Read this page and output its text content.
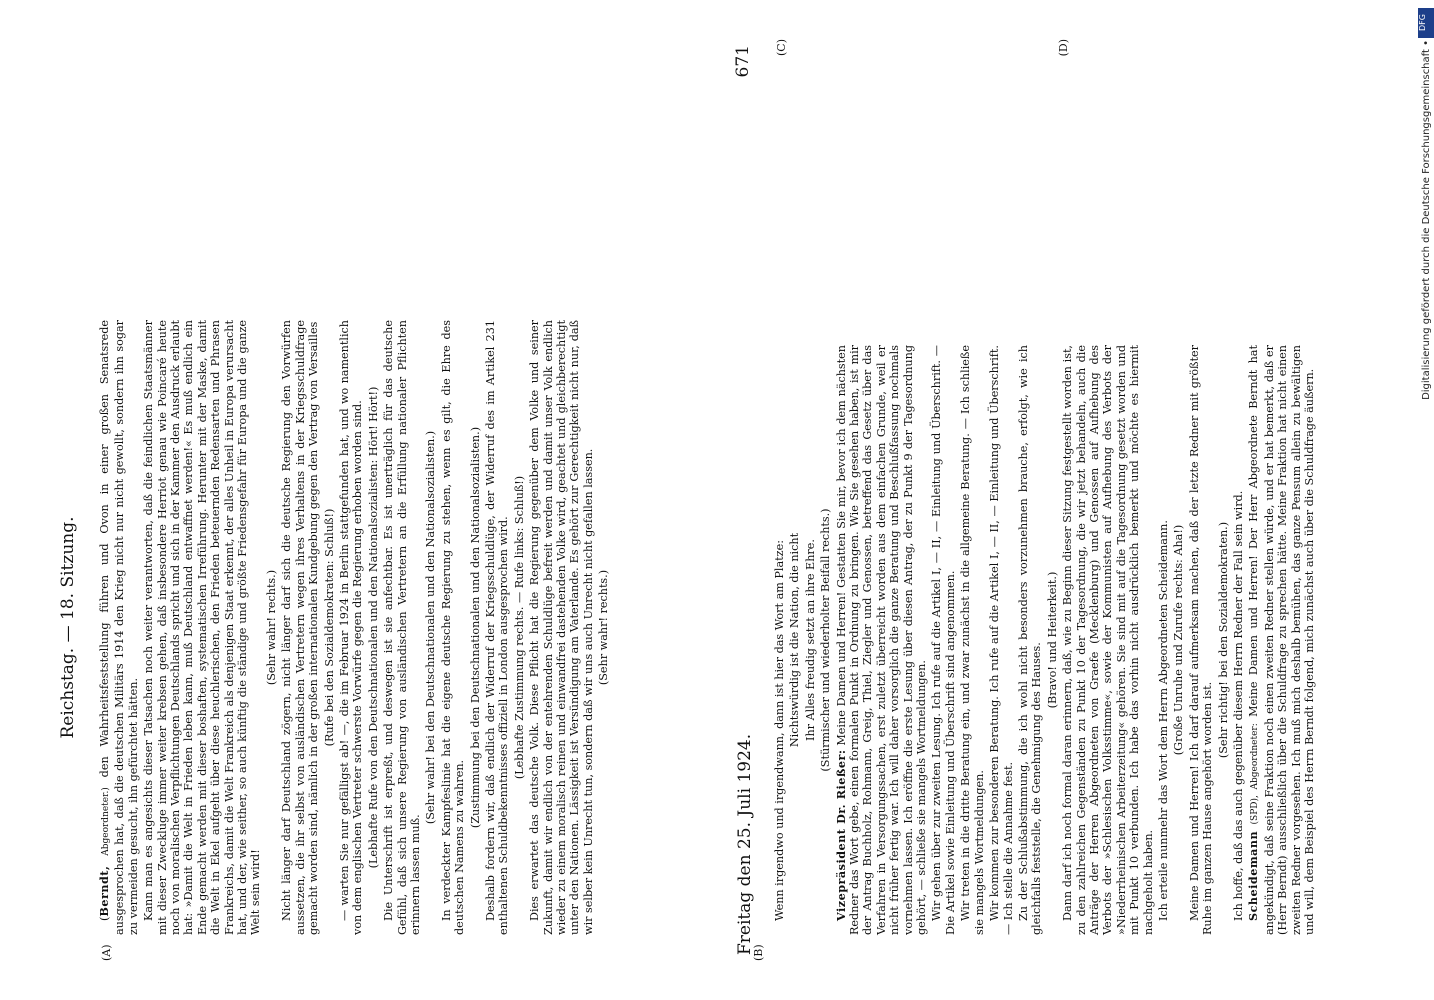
Reichstag. — 18. Sitzung.
(A)	(B)

(Berndt, Abgeordneter.) den Wahrheitsfeststellung führen und Ovon in einer großen Senatsrede ausgesprochen hat, daß die deutschen Militärs 1914 den Krieg nicht nur nicht gewollt, sondern ihn sogar zu vermeiden gesucht, ihn gefürchtet hätten. Kann man es angesichts dieser Tatsachen noch weiter verantworten, daß die feindlichen Staatsmänner mit dieser Zweckluge immer weiter krebsen gehen, daß insbesondere Herriot genau wie Poincaré heute noch von moralischen Verpflichtungen Deutschlands spricht und sich in der Kammer den Ausdruck erlaubt hat: »Damit die Welt in Frieden leben kann, muß Deutschland entwaffnet werden!« Es muß endlich ein Ende gemacht werden mit dieser boshaften, systematischen Irreführung. Herunter mit der Maske, damit die Welt in Ekel aufgeht über diese heuchlerischen, den Frieden beteuernden Redensarten und Phrasen Frankreichs, damit die Welt Frankreich als denjenigen Staat erkennt, der alles Unheil in Europa verursacht hat, und der, wie seither, so auch künftig die ständige und größte Friedensgefahr für Europa und die ganze Welt sein wird!

(Sehr wahr! rechts.) Nicht länger darf Deutschland zögern, nicht länger darf sich die deutsche Regierung den Vorwürfen aussetzen, die ihr selbst von ausländischen Vertretern wegen ihres Verhaltens in der Kriegsschuldfrage gemacht worden sind, nämlich in der großen internationalen Kundgebung gegen den Vertrag von Versailles (Rufe bei den Sozialdemokraten: Schluß!) — warten Sie nur gefälligst ab! —, die im Februar 1924 in Berlin stattgefunden hat, und wo namentlich von dem englischen Vertreter schwerste Vorwürfe gegen die Regierung erhoben worden sind. (Lebhafte Rufe von den Deutschnationalen und den Nationalsozialisten: Hört! Hört!) Die Unterschrift ist erpreßt, und deswegen ist sie anfechtbar. Es ist unerträglich für das deutsche Gefühl, daß sich unsere Regierung von ausländischen Vertretern an die Erfüllung nationaler Pflichten erinnern lassen muß.

(Sehr wahr! bei den Deutschnationalen und den Nationalsozialisten.) In verdeckter Kampfeslinie hat die eigene deutsche Regierung zu stehen, wenn es gilt, die Ehre des deutschen Namens zu wahren.

(Zustimmung bei den Deutschnationalen und den Nationalsozialisten.) Deshalb fordern wir, daß endlich der Widerruf der Kriegsschuldlüge, der Widerruf des im Artikel 231 enthaltenen Schuldbekenntnisses offiziell in London ausgesprochen wird. (Lebhafte Zustimmung rechts. — Rufe links: Schluß!) Dies erwartet das deutsche Volk. Diese Pflicht hat die Regierung gegenüber dem Volke und seiner Zukunft, damit wir endlich von der entehrenden Schuldlüge befreit werden und damit unser Volk endlich wieder zu einem moralisch reinen und einwandfrei dastehenden Volke wird, geachtet und gleichberechtigt unter den Nationen. Lässigkeit ist Versündigung am Vaterlande. Es gehört zur Gerechtigkeit nicht nur, daß wir selber kein Unrecht tun, sondern daß wir uns auch Unrecht nicht gefallen lassen. (Sehr wahr! rechts.)

Freitag den 25. Juli 1924.
671 (C)	(D)

Wenn irgendwo und irgendwann, dann ist hier das Wort am Platze: Nichtswürdig ist die Nation, die nicht Ihr Alles freudig setzt an ihre Ehre. (Stürmischer und wiederholter Beifall rechts.)

Vizepräsident Dr. Rießer: Meine Damen und Herren! Gestatten Sie mir, bevor ich dem nächsten Redner das Wort gebe, einen formalen Punkt in Ordnung zu bringen. Wie Sie gesehen haben, ist mir der Antrag Buchholz, Rohmann, Greig, Thiel, Ziegler und Genossen, betreffend das Gesetz über das Verfahren in Versorgungssachen, erst zuletzt überreicht worden aus dem einfachen Grunde, weil er nicht früher fertig war. Ich will daher vorsorglich die ganze Beratung und Beschlußfassung nochmals vornehmen lassen. Ich eröffne die erste Lesung über diesen Antrag, der zu Punkt 9 der Tagesordnung gehört, — schließe sie mangels Wortmeldungen. Wir gehen über zur zweiten Lesung. Ich rufe auf die Artikel I, — II, — Einleitung und Überschrift. — Die Artikel sowie Einleitung und Überschrift sind angenommen. Wir treten in die dritte Beratung ein, und zwar zunächst in die allgemeine Beratung. — Ich schließe sie mangels Wortmeldungen. Wir kommen zur besonderen Beratung. Ich rufe auf die Artikel I, — II, — Einleitung und Überschrift. — Ich stelle die Annahme fest. Zu der Schlußabstimmung, die ich wohl nicht besonders vorzunehmen brauche, erfolgt, wie ich gleichfalls feststelle, die Genehmigung des Hauses.

(Bravo! und Heiterkeit.) Dann darf ich noch formal daran erinnern, daß, wie zu Beginn dieser Sitzung festgestellt worden ist, zu den zahlreichen Gegenständen zu Punkt 10 der Tagesordnung, die wir jetzt behandeln, auch die Anträge der Herren Abgeordneten von Graefe (Mecklenburg) und Genossen auf Aufhebung des Verbots der »Schlesischen Volksstimme«, sowie der Kommunisten auf Aufhebung des Verbots der »Niederrheinischen Arbeiterzeitung« gehören. Sie sind mit auf die Tagesordnung gesetzt worden und mit Punkt 10 verbunden. Ich habe das vorhin nicht ausdrücklich bemerkt und möchte es hiermit nachgeholt haben. Ich erteile nunmehr das Wort dem Herrn Abgeordneten Scheidemann. (Große Unruhe und Zurufe rechts: Aha!) Meine Damen und Herren! Ich darf darauf aufmerksam machen, daß der letzte Redner mit größter Ruhe im ganzen Hause angehört worden ist.

(Sehr richtig! bei den Sozialdemokraten.) Ich hoffe, daß das auch gegenüber diesem Herrn Redner der Fall sein wird. Scheidemann (SPD), Abgeordneter: Meine Damen und Herren! Der Herr Abgeordnete Berndt hat angekündigt, daß seine Fraktion noch einen zweiten Redner stellen würde, und er hat bemerkt, daß er (Herr Berndt) ausschließlich über die Schuldfrage zu sprechen hätte. Meine Fraktion hat nicht einen zweiten Redner vorgesehen. Ich muß mich deshalb bemühen, das ganze Pensum allein zu bewältigen und will, dem Beispiel des Herrn Berndt folgend, mich zunächst auch über die Schuldfrage äußern.

DFG
Digitalisierung gefördert durch die Deutsche Forschungsgemeinschaft •
